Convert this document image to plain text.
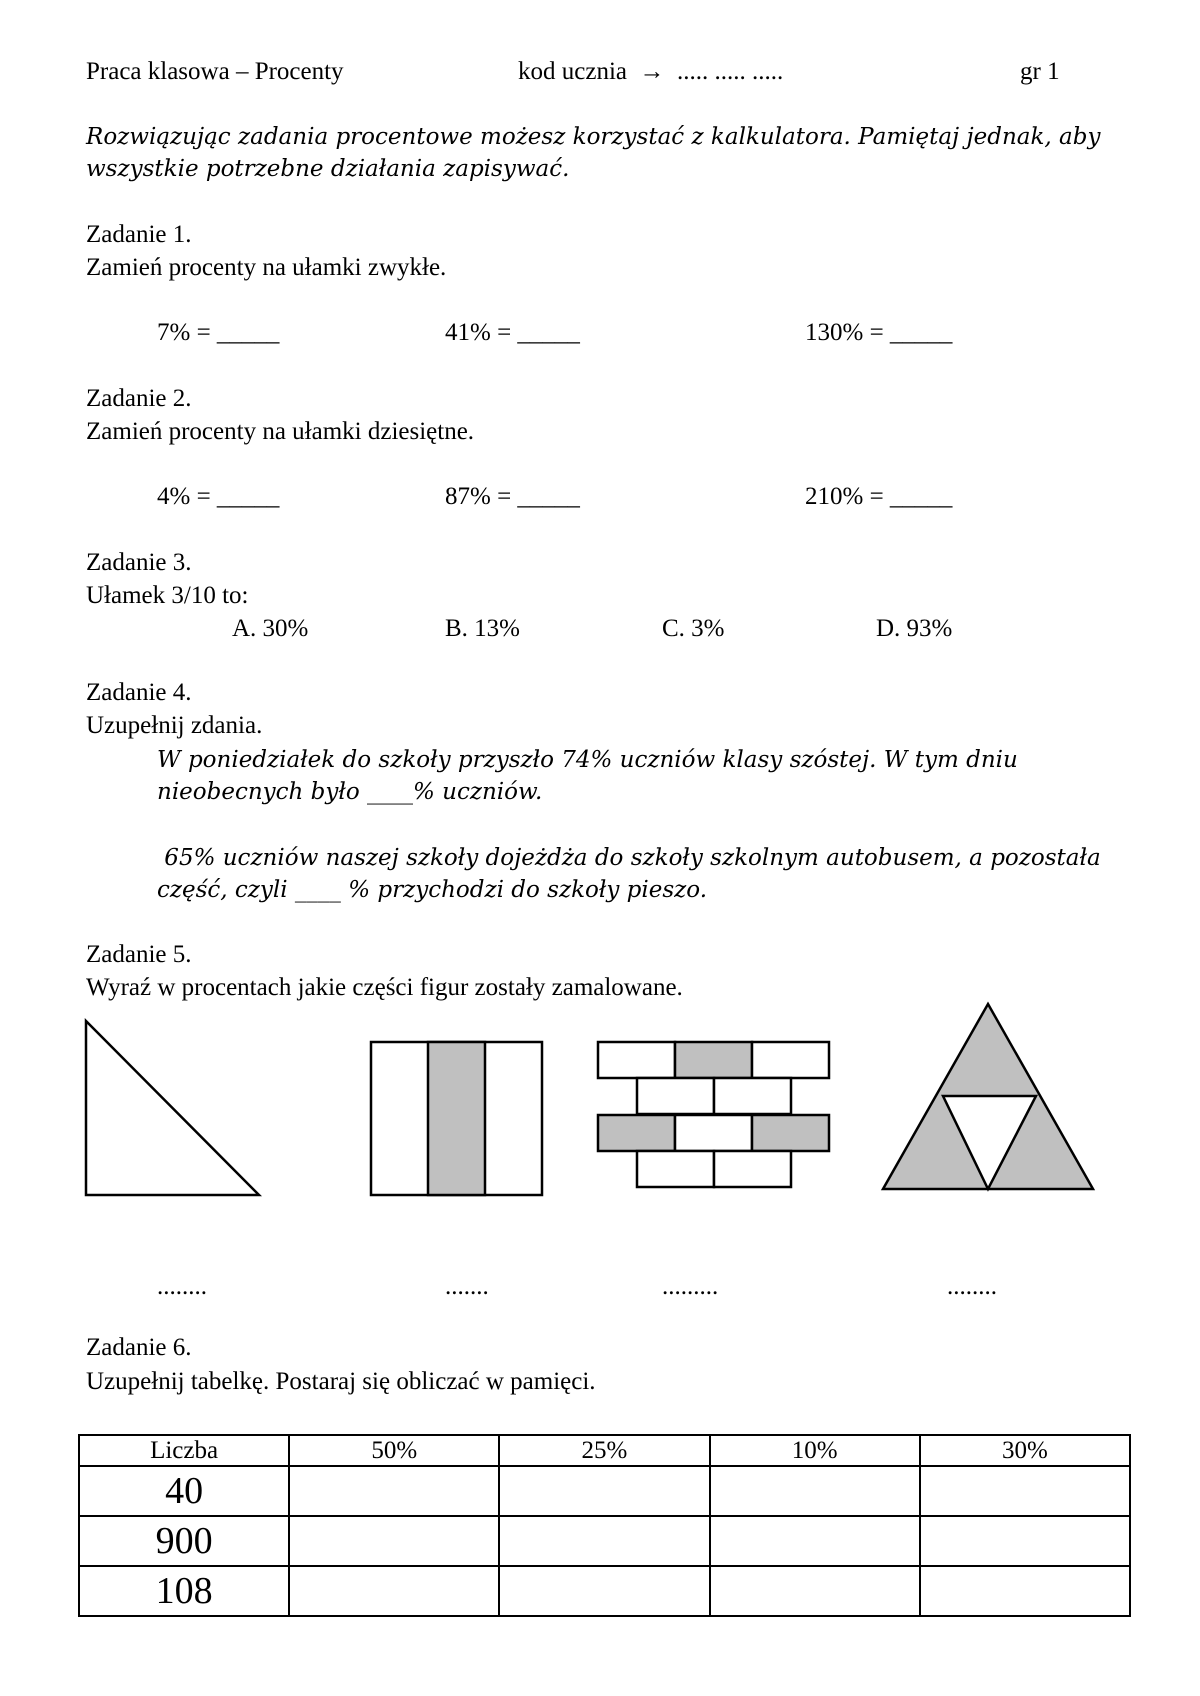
Praca klasowa – Procenty	kod ucznia  →  ..... ..... .....	gr 1
Rozwiązując zadania procentowe możesz korzystać z kalkulatora. Pamiętaj jednak, aby
wszystkie potrzebne działania zapisywać.
Zadanie 1.
Zamień procenty na ułamki zwykłe.
7% = _____	41% = _____	130% = _____
Zadanie 2.
Zamień procenty na ułamki dziesiętne.
4% = _____	87% = _____	210% = _____
Zadanie 3.
Ułamek 3/10 to:
A. 30%	B. 13%	C. 3%	D. 93%
Zadanie 4.
Uzupełnij zdania.
W poniedziałek do szkoły przyszło 74% uczniów klasy szóstej. W tym dniu
nieobecnych było ____% uczniów.
65% uczniów naszej szkoły dojeżdża do szkoły szkolnym autobusem, a pozostała
część, czyli ____ % przychodzi do szkoły pieszo.
Zadanie 5.
Wyraź w procentach jakie części figur zostały zamalowane.
........	.......	.........	........
Zadanie 6.
Uzupełnij tabelkę. Postaraj się obliczać w pamięci.
Liczba	50%	25%	10%	30%
40				
900				
108				
